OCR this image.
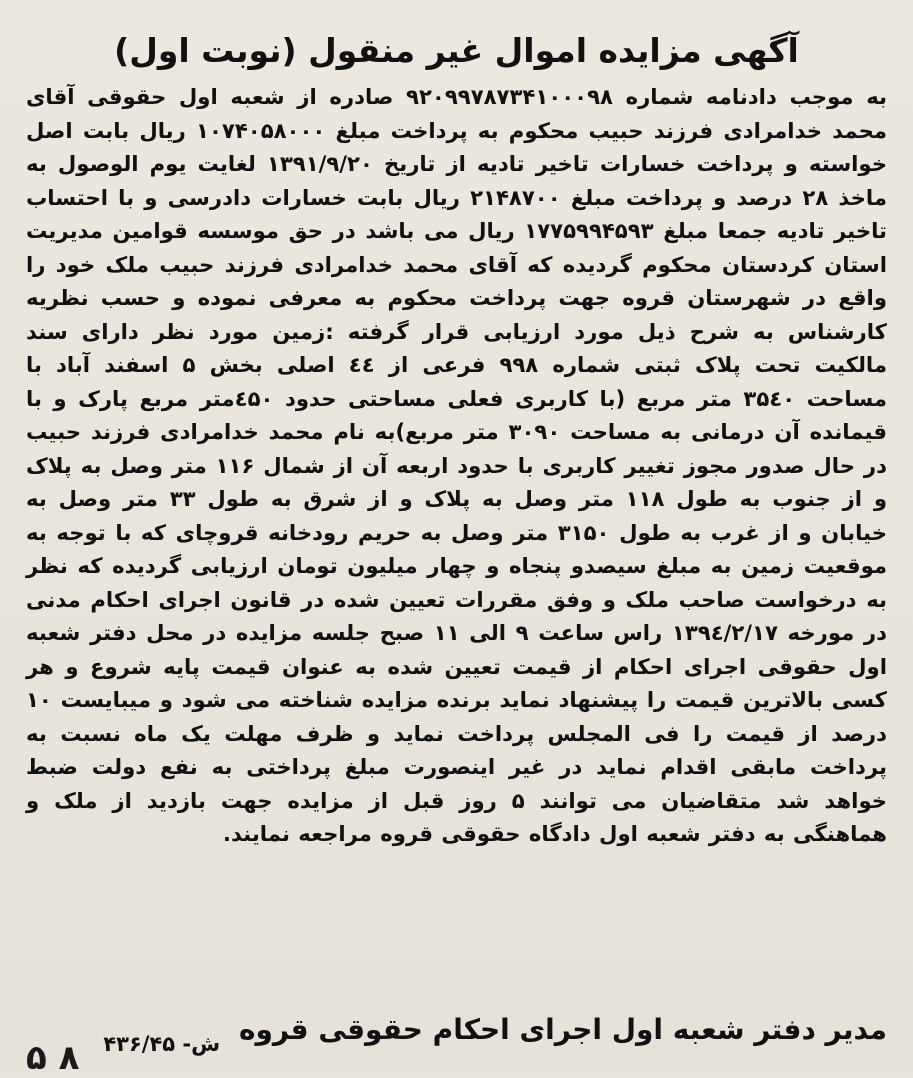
آگهی مزایده اموال غیر منقول (نوبت اول)
به موجب دادنامه شماره ۹۲۰۹۹۷۸۷۳۴۱۰۰۰۹۸ صادره از شعبه اول حقوقی آقای محمد خدامرادی فرزند حبیب محکوم به پرداخت مبلغ ۱۰۷۴۰۵۸۰۰۰ ریال بابت اصل خواسته و پرداخت خسارات تاخیر تادیه از تاریخ ۱۳۹۱/۹/۲۰ لغایت یوم الوصول به ماخذ ۲۸ درصد و پرداخت مبلغ ۲۱۴۸۷۰۰ ریال بابت خسارات دادرسی و با احتساب تاخیر تادیه جمعا مبلغ ۱۷۷۵۹۹۴۵۹۳ ریال می باشد در حق موسسه قوامین مدیریت استان کردستان محکوم گردیده که آقای محمد خدامرادی فرزند حبیب ملک خود را واقع در شهرستان قروه جهت پرداخت محکوم به معرفی نموده و حسب نظریه کارشناس به شرح ذیل مورد ارزیابی قرار گرفته :زمین مورد نظر دارای سند مالکیت تحت پلاک ثبتی شماره ۹۹۸ فرعی از ٤٤ اصلی بخش ۵ اسفند آباد با مساحت ۳۵٤۰ متر مربع (با کاربری فعلی مساحتی حدود ٤۵۰متر مربع پارک و با قیمانده آن درمانی به مساحت ۳۰۹۰ متر مربع)به نام محمد خدامرادی فرزند حبیب در حال صدور مجوز تغییر کاربری با حدود اربعه آن از شمال ۱۱۶ متر وصل به پلاک و از جنوب به طول ۱۱۸ متر وصل به پلاک و از شرق به طول ۳۳ متر وصل به خیابان و از غرب به طول ۳۱۵۰ متر وصل به حریم رودخانه قروچای که با توجه به موقعیت زمین به مبلغ سیصدو پنجاه و چهار میلیون تومان ارزیابی گردیده که نظر به درخواست صاحب ملک و وفق مقررات تعیین شده در قانون اجرای احکام مدنی در مورخه ۱۳۹٤/۲/۱۷ راس ساعت ۹ الی ۱۱ صبح جلسه مزایده در محل دفتر شعبه اول حقوقی اجرای احکام از قیمت تعیین شده به عنوان قیمت پایه شروع و هر کسی بالاترین قیمت را پیشنهاد نماید برنده مزایده شناخته می شود و میبایست ۱۰ درصد از قیمت را فی المجلس پرداخت نماید و ظرف مهلت یک ماه نسبت به پرداخت مابقی اقدام نماید در غیر اینصورت مبلغ پرداختی به نفع دولت ضبط خواهد شد متقاضیان می توانند ۵ روز قبل از مزایده جهت بازدید از ملک و هماهنگی به دفتر شعبه اول دادگاه حقوقی قروه مراجعه نمایند.
مدیر دفتر شعبه اول اجرای احکام حقوقی قروه
۵ ۸ ۴۳۶/۴۵ -ش
